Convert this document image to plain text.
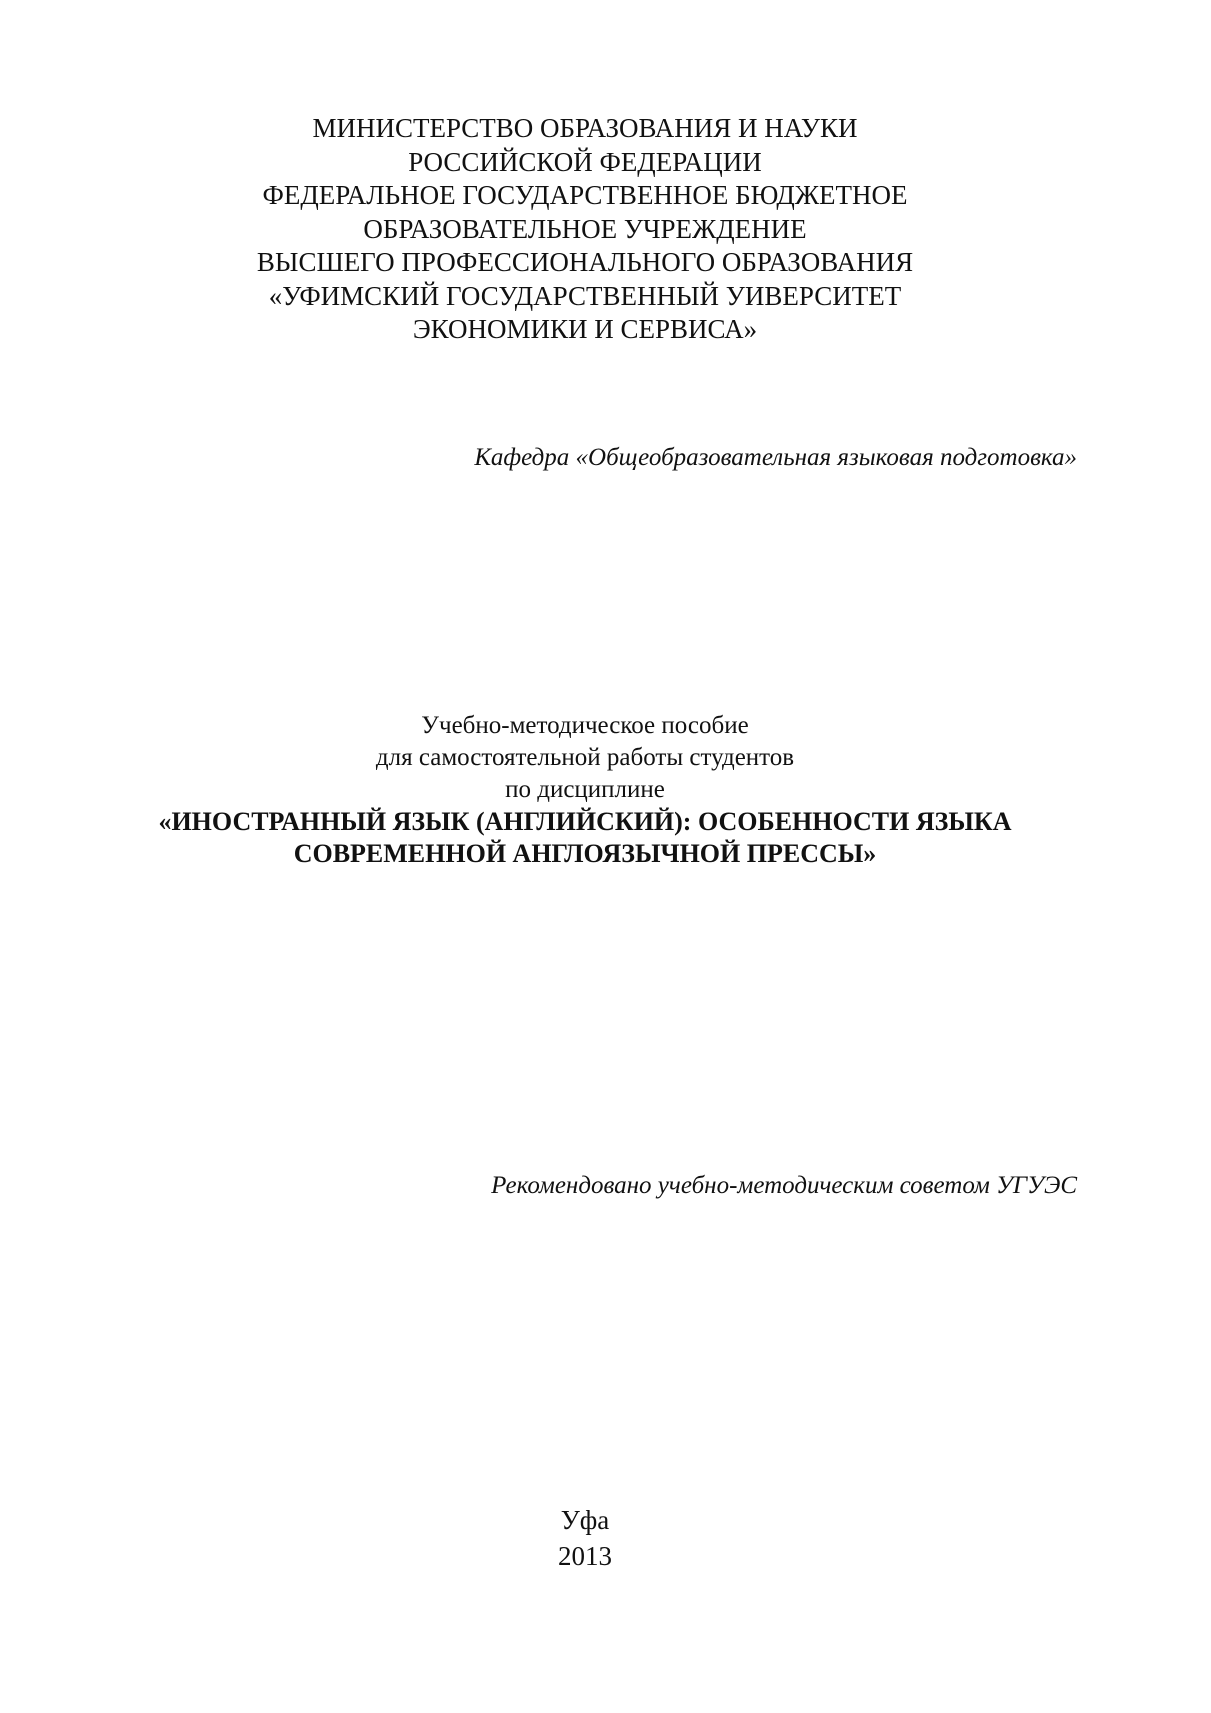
МИНИСТЕРСТВО ОБРАЗОВАНИЯ И НАУКИ
РОССИЙСКОЙ ФЕДЕРАЦИИ
ФЕДЕРАЛЬНОЕ ГОСУДАРСТВЕННОЕ БЮДЖЕТНОЕ
ОБРАЗОВАТЕЛЬНОЕ УЧРЕЖДЕНИЕ
ВЫСШЕГО ПРОФЕССИОНАЛЬНОГО ОБРАЗОВАНИЯ
«УФИМСКИЙ ГОСУДАРСТВЕННЫЙ УИВЕРСИТЕТ
ЭКОНОМИКИ И СЕРВИСА»
Кафедра «Общеобразовательная языковая подготовка»
Учебно-методическое пособие
для самостоятельной работы студентов
по дисциплине
«ИНОСТРАННЫЙ ЯЗЫК (АНГЛИЙСКИЙ): ОСОБЕННОСТИ ЯЗЫКА
СОВРЕМЕННОЙ АНГЛОЯЗЫЧНОЙ ПРЕССЫ»
Рекомендовано учебно-методическим советом УГУЭС
Уфа
2013
